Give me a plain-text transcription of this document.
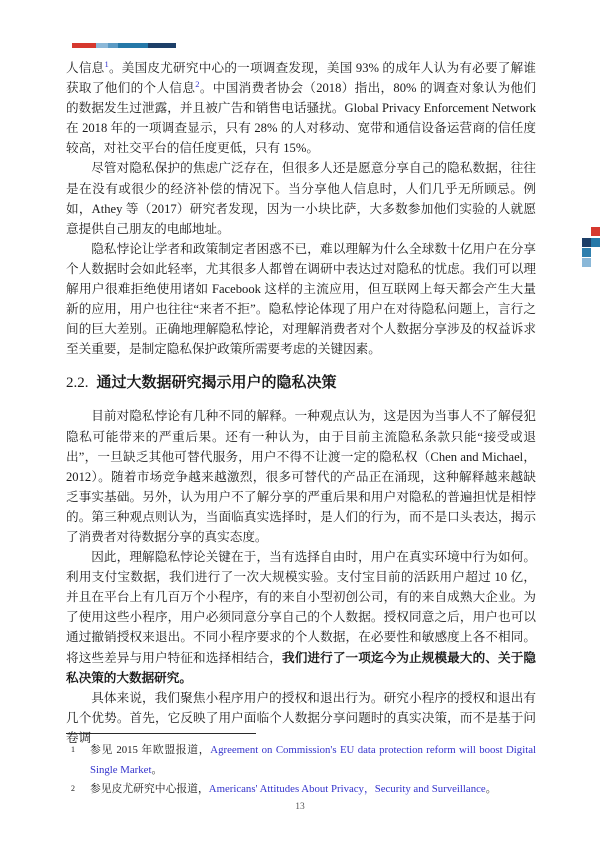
人信息$^1$。美国皮尤研究中心的一项调查发现，美国 93% 的成年人认为有必要了解谁获取了他们的个人信息$^2$。中国消费者协会（2018）指出，80% 的调查对象认为他们的数据发生过泄露，并且被广告和销售电话骚扰。Global Privacy Enforcement Network 在 2018 年的一项调查显示，只有 28% 的人对移动、宽带和通信设备运营商的信任度较高，对社交平台的信任度更低，只有 15%。

尽管对隐私保护的焦虑广泛存在，但很多人还是愿意分享自己的隐私数据，往往是在没有或很少的经济补偿的情况下。当分享他人信息时，人们几乎无所顾忌。例如，Athey 等（2017）研究者发现，因为一小块比萨，大多数参加他们实验的人就愿意提供自己朋友的电邮地址。

隐私悖论让学者和政策制定者困惑不已，难以理解为什么全球数十亿用户在分享个人数据时会如此轻率，尤其很多人都曾在调研中表达过对隐私的忧虑。我们可以理解用户很难拒绝使用诸如 Facebook 这样的主流应用，但互联网上每天都会产生大量新的应用，用户也往往“来者不拒”。隐私悖论体现了用户在对待隐私问题上，言行之间的巨大差别。正确地理解隐私悖论，对理解消费者对个人数据分享涉及的权益诉求至关重要，是制定隐私保护政策所需要考虑的关键因素。

2.2. 通过大数据研究揭示用户的隐私决策

目前对隐私悖论有几种不同的解释。一种观点认为，这是因为当事人不了解侵犯隐私可能带来的严重后果。还有一种认为，由于目前主流隐私条款只能“接受或退出”，一旦缺乏其他可替代服务，用户不得不让渡一定的隐私权（Chen and Michael，2012）。随着市场竞争越来越激烈，很多可替代的产品正在涌现，这种解释越来越缺乏事实基础。另外，认为用户不了解分享的严重后果和用户对隐私的普遍担忧是相悖的。第三种观点则认为，当面临真实选择时，是人们的行为，而不是口头表达，揭示了消费者对待数据分享的真实态度。

因此，理解隐私悖论关键在于，当有选择自由时，用户在真实环境中行为如何。利用支付宝数据，我们进行了一次大规模实验。支付宝目前的活跃用户超过 10 亿，并且在平台上有几百万个小程序，有的来自小型初创公司，有的来自成熟大企业。为了使用这些小程序，用户必须同意分享自己的个人数据。授权同意之后，用户也可以通过撤销授权来退出。不同小程序要求的个人数据，在必要性和敏感度上各不相同。将这些差异与用户特征和选择相结合，我们进行了一项迄今为止规模最大的、关于隐私决策的大数据研究。

具体来说，我们聚焦小程序用户的授权和退出行为。研究小程序的授权和退出有几个优势。首先，它反映了用户面临个人数据分享问题时的真实决策，而不是基于问卷调

1	参见 2015 年欧盟报道，Agreement on Commission's EU data protection reform will boost Digital Single Market。
2	参见皮尤研究中心报道，Americans' Attitudes About Privacy，Security and Surveillance。
13
